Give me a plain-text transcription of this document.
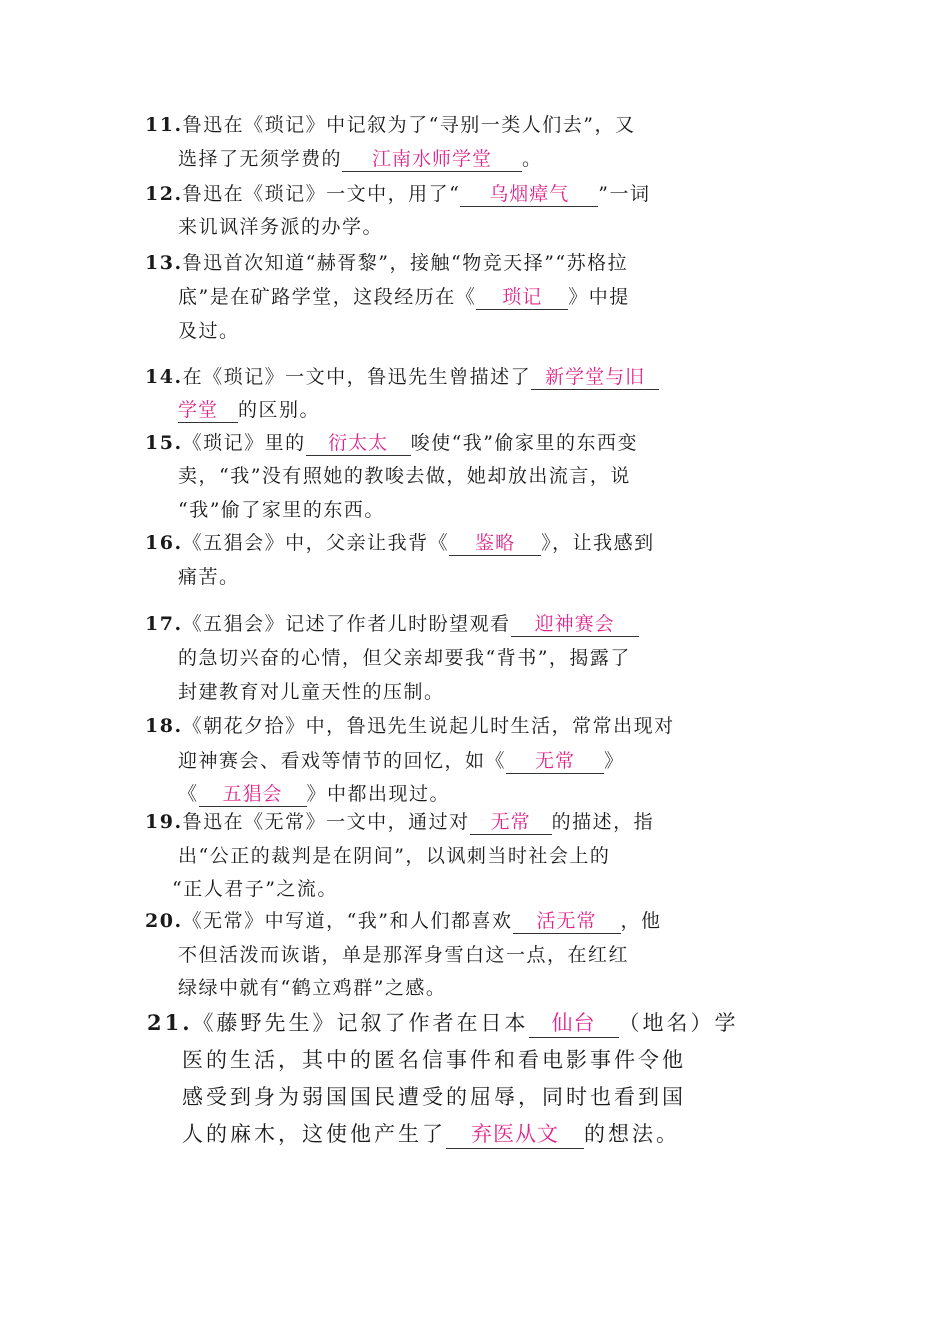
11.鲁迅在《琐记》中记叙为了“寻别一类人们去”，又
选择了无须学费的 江南水师学堂 。
12.鲁迅在《琐记》一文中，用了“ 乌烟瘴气 ”一词
来讥讽洋务派的办学。
13.鲁迅首次知道“赫胥黎”，接触“物竞天择”“苏格拉
底”是在矿路学堂，这段经历在《 琐记 》中提
及过。
14.在《琐记》一文中，鲁迅先生曾描述了 新学堂与旧
学堂 的区别。
15.《琐记》里的 衍太太 唆使“我”偷家里的东西变
卖，“我”没有照她的教唆去做，她却放出流言，说
“我”偷了家里的东西。
16.《五猖会》中，父亲让我背《 鉴略 》，让我感到
痛苦。
17.《五猖会》记述了作者儿时盼望观看 迎神赛会
的急切兴奋的心情，但父亲却要我“背书”，揭露了
封建教育对儿童天性的压制。
18.《朝花夕拾》中，鲁迅先生说起儿时生活，常常出现对
迎神赛会、看戏等情节的回忆，如《 无常 》
《 五猖会 》中都出现过。
19.鲁迅在《无常》一文中，通过对 无常 的描述，指
出“公正的裁判是在阴间”，以讽刺当时社会上的
“正人君子”之流。
20.《无常》中写道，“我”和人们都喜欢 活无常 ，他
不但活泼而诙谐，单是那浑身雪白这一点，在红红
绿绿中就有“鹤立鸡群”之感。
21.《藤野先生》记叙了作者在日本 仙台 （地名）学
医的生活，其中的匿名信事件和看电影事件令他
感受到身为弱国国民遭受的屈辱，同时也看到国
人的麻木，这使他产生了 弃医从文 的想法。
